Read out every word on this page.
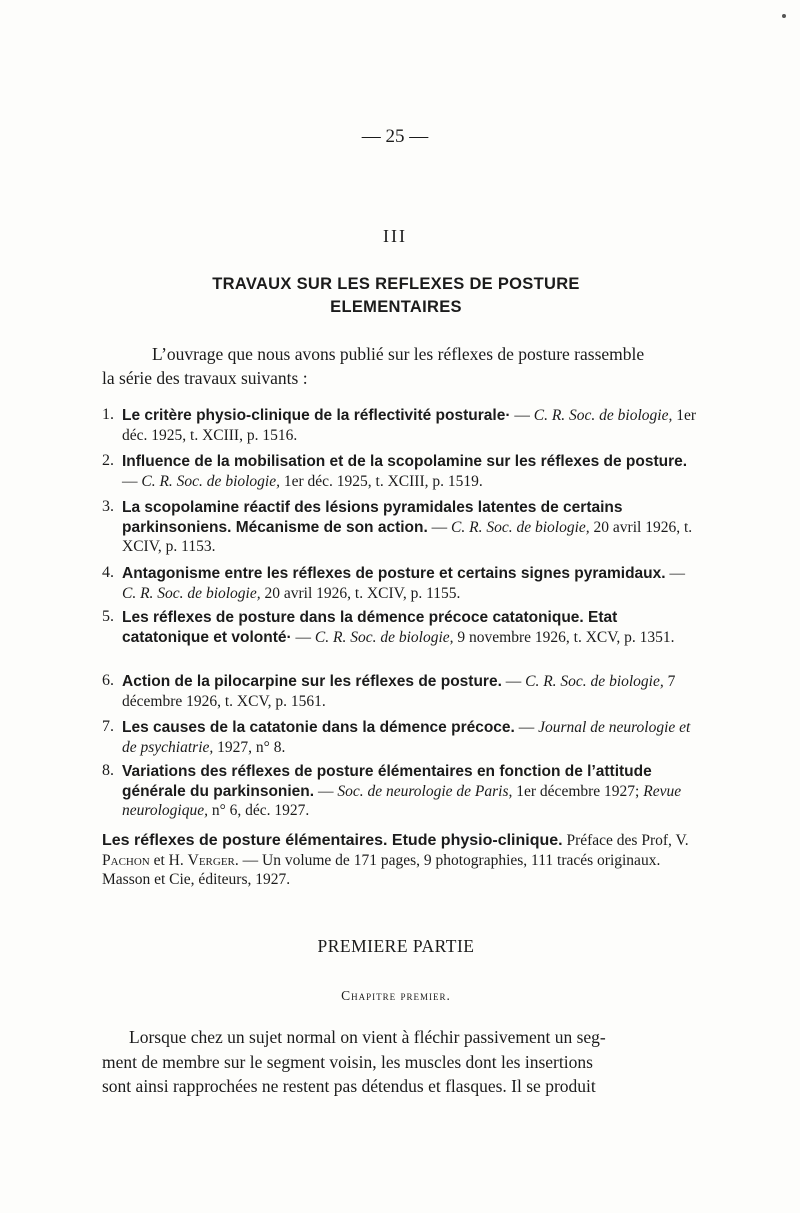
— 25 —
III
TRAVAUX SUR LES REFLEXES DE POSTURE
ELEMENTAIRES
L’ouvrage que nous avons publié sur les réflexes de posture rassemble
la série des travaux suivants :
1. Le critère physio-clinique de la réflectivité posturale· — C. R. Soc. de biologie, 1er déc. 1925, t. XCIII, p. 1516.
2. Influence de la mobilisation et de la scopolamine sur les réflexes de posture. — C. R. Soc. de biologie, 1er déc. 1925, t. XCIII, p. 1519.
3. La scopolamine réactif des lésions pyramidales latentes de certains parkinsoniens. Mécanisme de son action. — C. R. Soc. de biologie, 20 avril 1926, t. XCIV, p. 1153.
4. Antagonisme entre les réflexes de posture et certains signes pyramidaux. — C. R. Soc. de biologie, 20 avril 1926, t. XCIV, p. 1155.
5. Les réflexes de posture dans la démence précoce catatonique. Etat catatonique et volonté· — C. R. Soc. de biologie, 9 novembre 1926, t. XCV, p. 1351.
6. Action de la pilocarpine sur les réflexes de posture. — C. R. Soc. de biologie, 7 décembre 1926, t. XCV, p. 1561.
7. Les causes de la catatonie dans la démence précoce. — Journal de neurologie et de psychiatrie, 1927, n° 8.
8. Variations des réflexes de posture élémentaires en fonction de l’attitude générale du parkinsonien. — Soc. de neurologie de Paris, 1er décembre 1927; Revue neurologique, n° 6, déc. 1927.
Les réflexes de posture élémentaires. Etude physio-clinique. Préface des Prof, V. Pachon et H. Verger. — Un volume de 171 pages, 9 photographies, 111 tracés originaux. Masson et Cie, éditeurs, 1927.
PREMIERE PARTIE
Chapitre premier.
Lorsque chez un sujet normal on vient à fléchir passivement un seg-
ment de membre sur le segment voisin, les muscles dont les insertions
sont ainsi rapprochées ne restent pas détendus et flasques. Il se produit
